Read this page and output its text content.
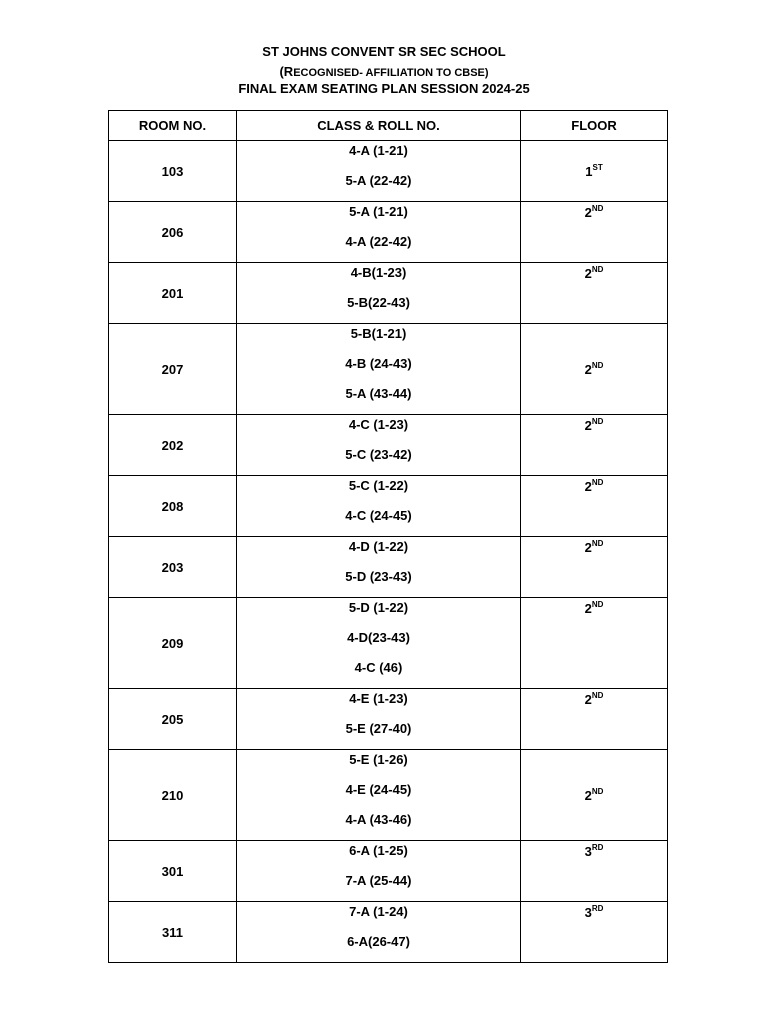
ST JOHNS CONVENT SR SEC SCHOOL
(RECOGNISED- AFFILIATION TO CBSE)
FINAL EXAM SEATING PLAN SESSION 2024-25
ROOM NO.	CLASS & ROLL NO.	FLOOR
103	4-A (1-21)
5-A (22-42)	1ST
206	5-A (1-21)
4-A (22-42)	2ND
201	4-B(1-23)
5-B(22-43)	2ND
207	5-B(1-21)
4-B (24-43)
5-A (43-44)	2ND
202	4-C (1-23)
5-C (23-42)	2ND
208	5-C (1-22)
4-C (24-45)	2ND
203	4-D (1-22)
5-D (23-43)	2ND
209	5-D (1-22)
4-D(23-43)
4-C (46)	2ND
205	4-E (1-23)
5-E (27-40)	2ND
210	5-E (1-26)
4-E (24-45)
4-A (43-46)	2ND
301	6-A (1-25)
7-A (25-44)	3RD
311	7-A (1-24)
6-A(26-47)	3RD
